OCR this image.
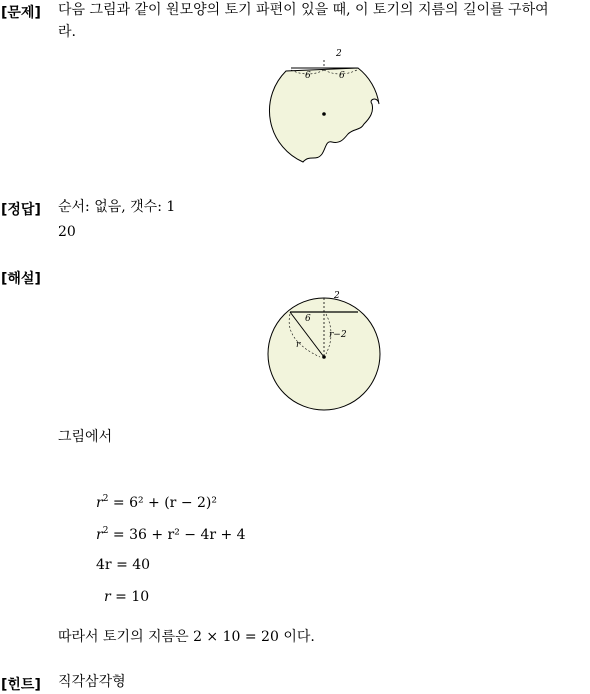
[문제] 다음 그림과 같이 원모양의 토기 파편이 있을 때, 이 토기의 지름의 길이를 구하여
라.
2
6	6
[정답] 순서: 없음, 갯수: 1
20
[해설]
2
6
r
r−2
그림에서
$r^2 = 6^2 + (r - 2)^2$
$r^2 = 36 + r^2 - 4r + 4$
4r = 40
r = 10
따라서 토기의 지름은 2 × 10 = 20 이다.
[힌트] 직각삼각형
